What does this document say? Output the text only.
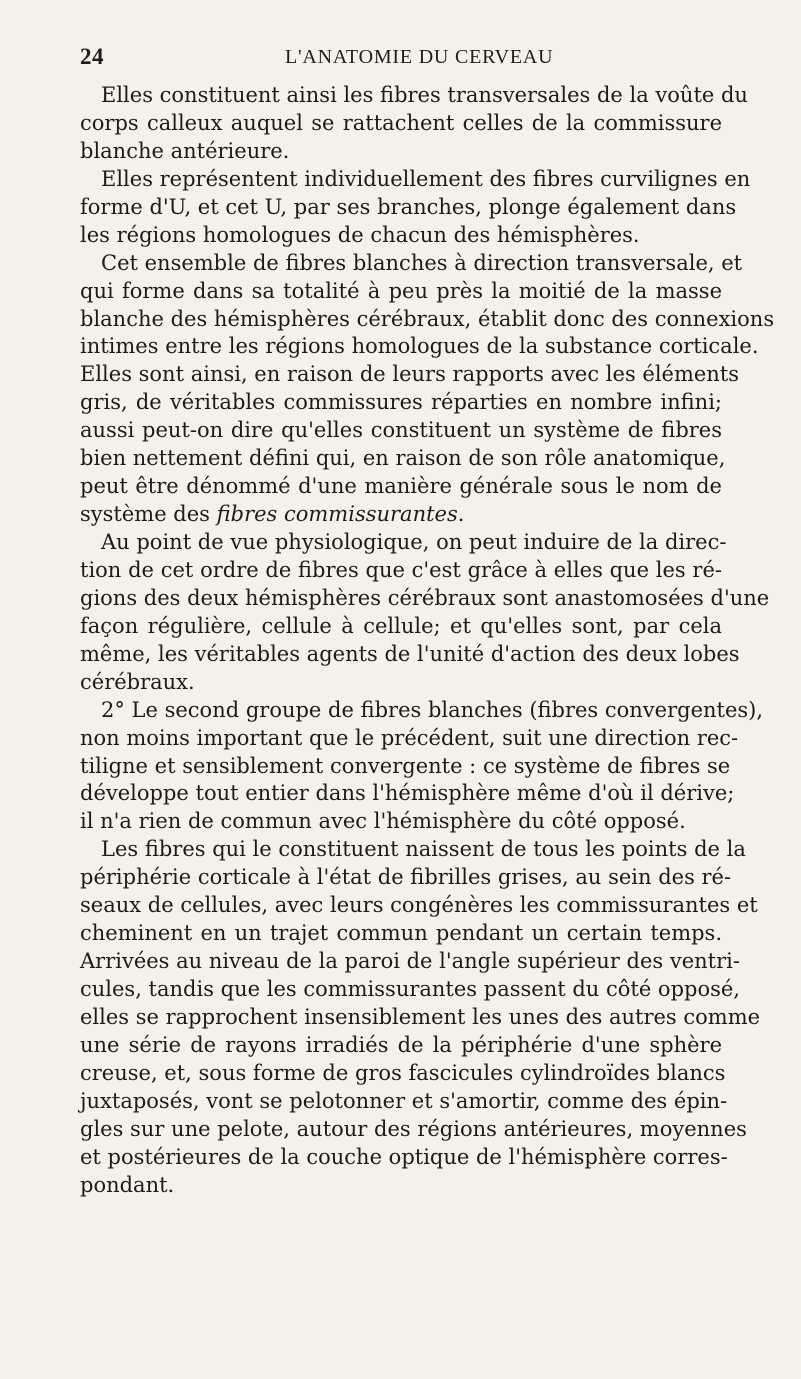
24	L'ANATOMIE DU CERVEAU
Elles constituent ainsi les fibres transversales de la voûte du
corps calleux auquel se rattachent celles de la commissure
blanche antérieure.
Elles représentent individuellement des fibres curvilignes en
forme d'U, et cet U, par ses branches, plonge également dans
les régions homologues de chacun des hémisphères.
Cet ensemble de fibres blanches à direction transversale, et
qui forme dans sa totalité à peu près la moitié de la masse
blanche des hémisphères cérébraux, établit donc des connexions
intimes entre les régions homologues de la substance corticale.
Elles sont ainsi, en raison de leurs rapports avec les éléments
gris, de véritables commissures réparties en nombre infini;
aussi peut-on dire qu'elles constituent un système de fibres
bien nettement défini qui, en raison de son rôle anatomique,
peut être dénommé d'une manière générale sous le nom de
système des fibres commissurantes.
Au point de vue physiologique, on peut induire de la direc-
tion de cet ordre de fibres que c'est grâce à elles que les ré-
gions des deux hémisphères cérébraux sont anastomosées d'une
façon régulière, cellule à cellule; et qu'elles sont, par cela
même, les véritables agents de l'unité d'action des deux lobes
cérébraux.
2° Le second groupe de fibres blanches (fibres convergentes),
non moins important que le précédent, suit une direction rec-
tiligne et sensiblement convergente : ce système de fibres se
développe tout entier dans l'hémisphère même d'où il dérive;
il n'a rien de commun avec l'hémisphère du côté opposé.
Les fibres qui le constituent naissent de tous les points de la
périphérie corticale à l'état de fibrilles grises, au sein des ré-
seaux de cellules, avec leurs congénères les commissurantes et
cheminent en un trajet commun pendant un certain temps.
Arrivées au niveau de la paroi de l'angle supérieur des ventri-
cules, tandis que les commissurantes passent du côté opposé,
elles se rapprochent insensiblement les unes des autres comme
une série de rayons irradiés de la périphérie d'une sphère
creuse, et, sous forme de gros fascicules cylindroïdes blancs
juxtaposés, vont se pelotonner et s'amortir, comme des épin-
gles sur une pelote, autour des régions antérieures, moyennes
et postérieures de la couche optique de l'hémisphère corres-
pondant.
